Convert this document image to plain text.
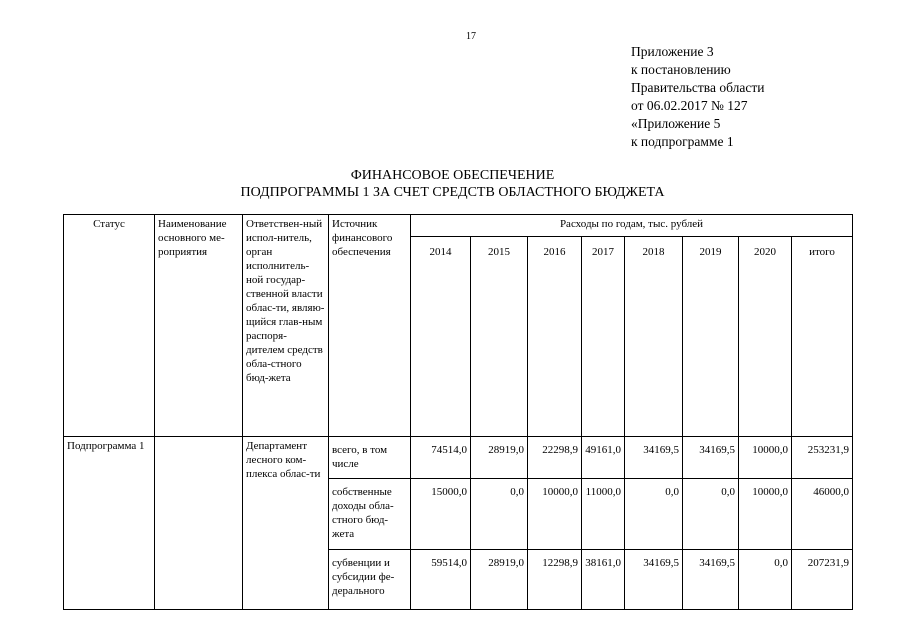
17
Приложение 3
к постановлению
Правительства области
от 06.02.2017 № 127
«Приложение 5
к подпрограмме 1
ФИНАНСОВОЕ ОБЕСПЕЧЕНИЕ
ПОДПРОГРАММЫ 1 ЗА СЧЕТ СРЕДСТВ ОБЛАСТНОГО БЮДЖЕТА
Статус	Наименование основного ме-роприятия	Ответствен-ный испол-нитель, орган исполнитель-ной государ-ственной власти облас-ти, являю-щийся глав-ным распоря-дителем средств обла-стного бюд-жета	Источник финансового обеспечения	Расходы по годам, тыс. рублей							
				2014	2015	2016	2017	2018	2019	2020	итого
Подпрограмма 1		Департамент лесного ком-плекса облас-ти	всего, в том числе	74514,0	28919,0	22298,9	49161,0	34169,5	34169,5	10000,0	253231,9
			собственные доходы обла-стного бюд-жета	15000,0	0,0	10000,0	11000,0	0,0	0,0	10000,0	46000,0
			субвенции и субсидии фе-дерального	59514,0	28919,0	12298,9	38161,0	34169,5	34169,5	0,0	207231,9
